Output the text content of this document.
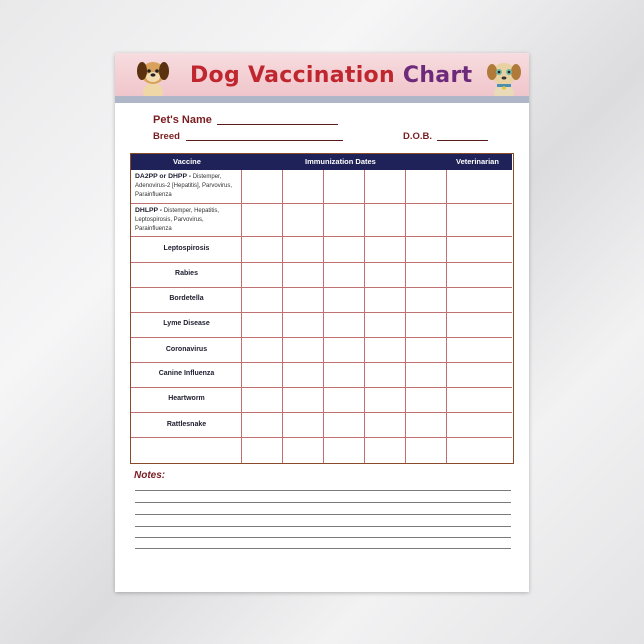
Dog Vaccination Chart
Pet's Name
Breed	D.O.B.
Vaccine	Immunization Dates	Veterinarian
DA2PP or DHPP - Distemper, Adenovirus-2 [Hepatitis], Parvovirus, Parainfluenza
DHLPP - Distemper, Hepatitis, Leptospirosis, Parvovirus, Parainfluenza
Leptospirosis
Rabies
Bordetella
Lyme Disease
Coronavirus
Canine Influenza
Heartworm
Rattlesnake
Notes:
